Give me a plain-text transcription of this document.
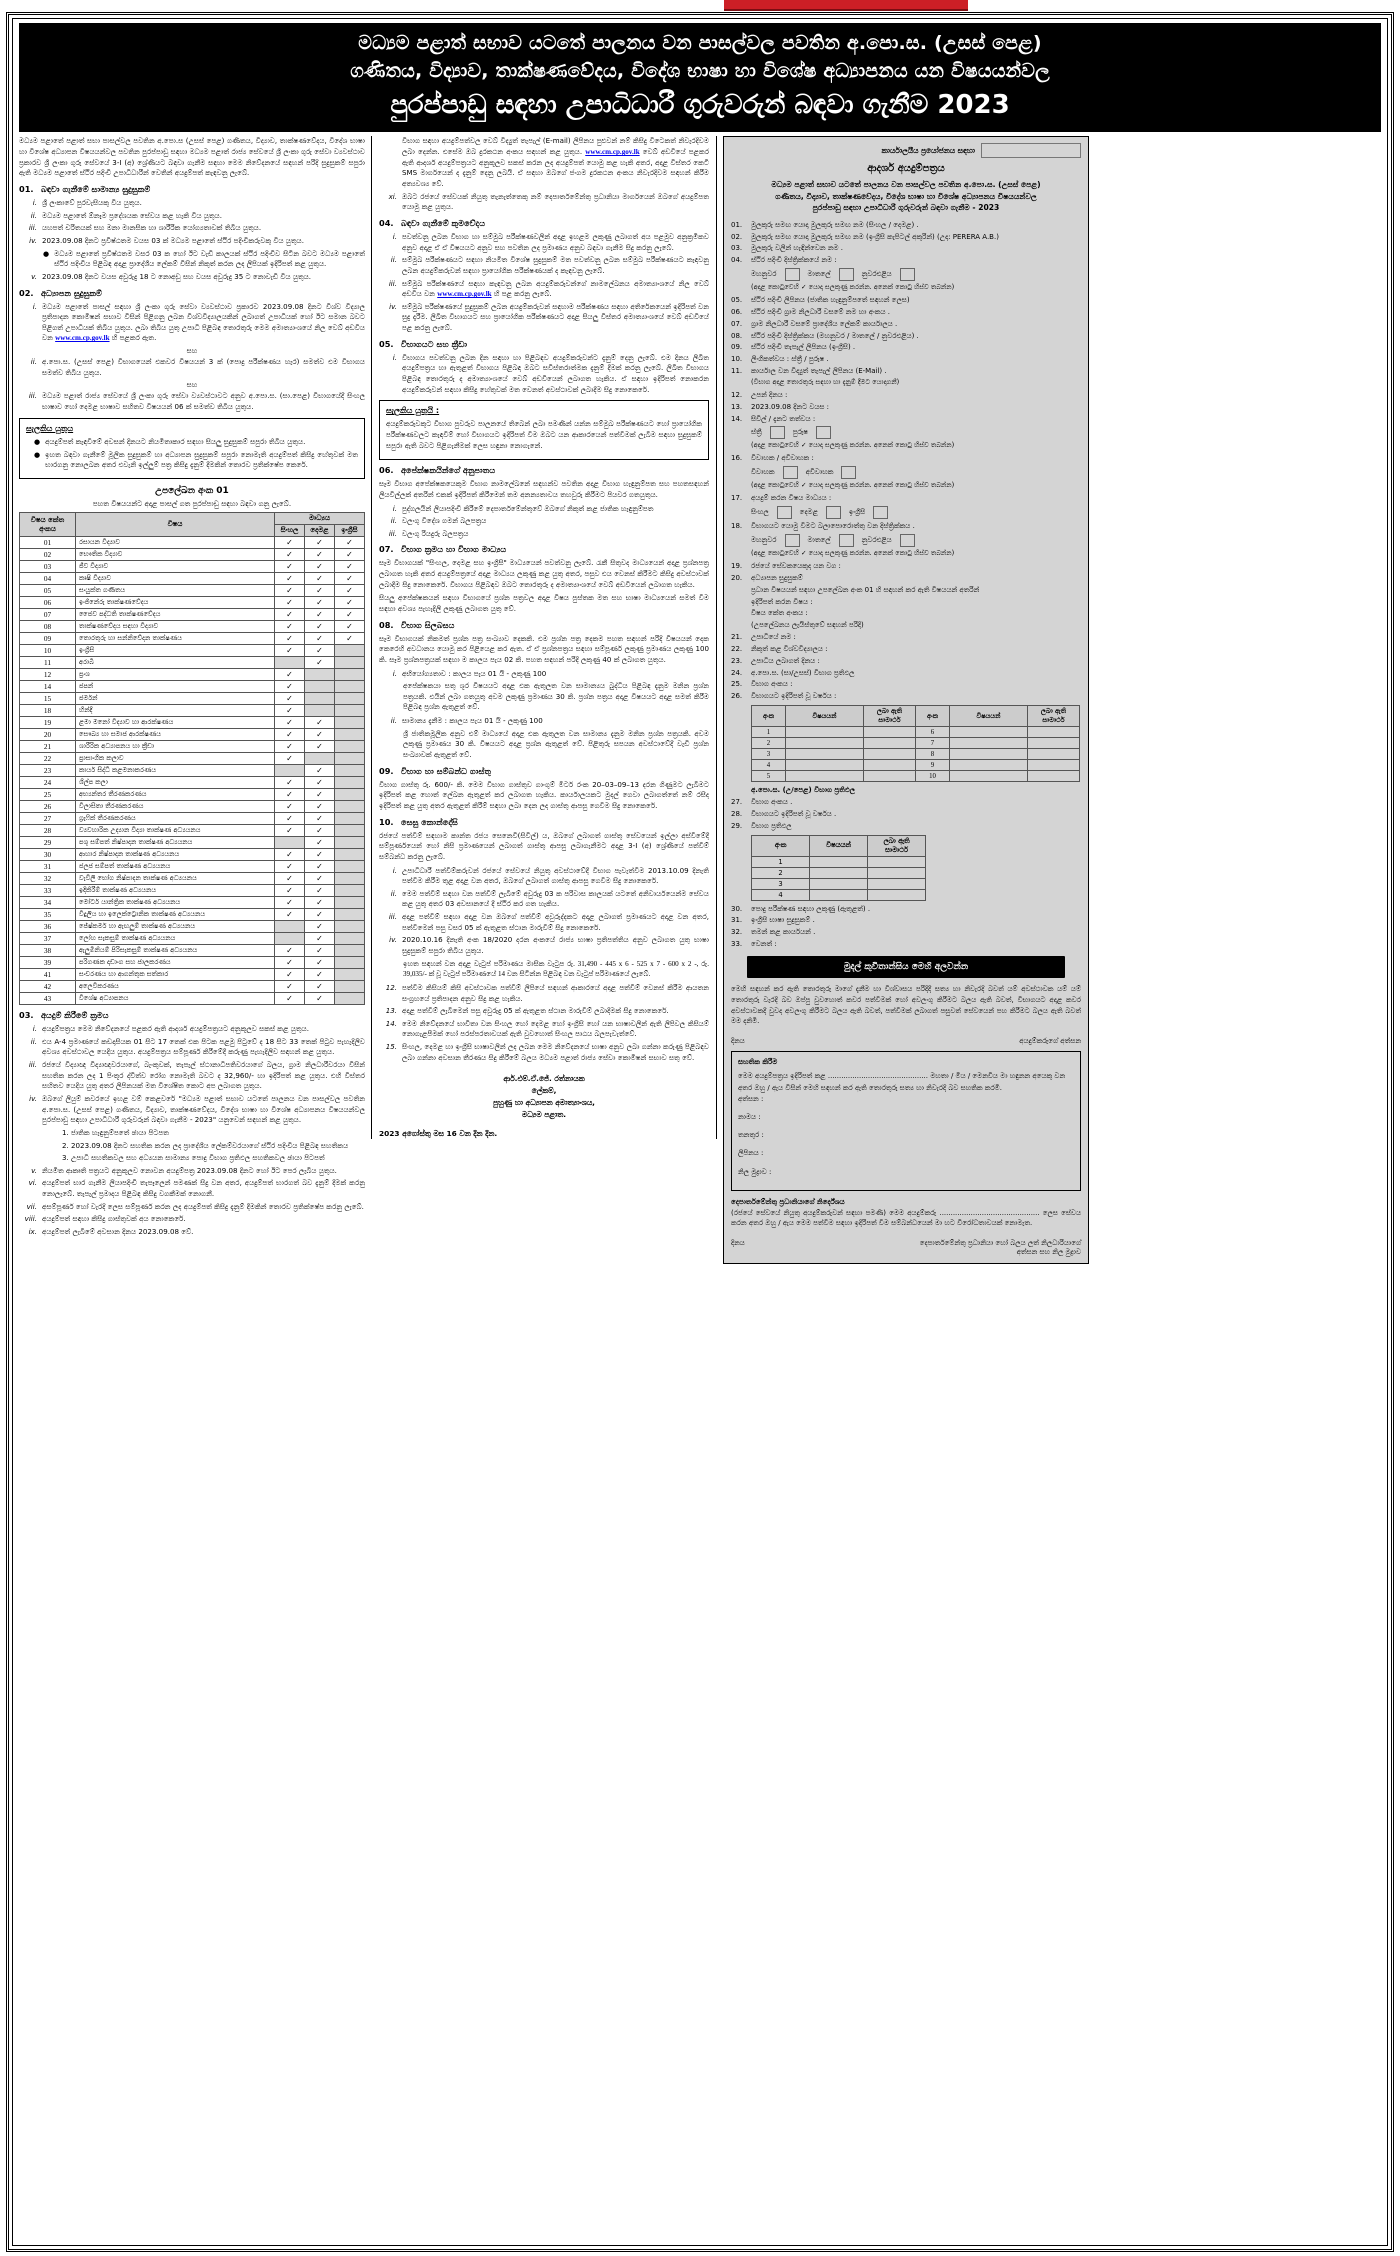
මධ්‍යම පළාත් සභාව යටතේ පාලනය වන පාසල්වල පවතින අ.පො.ස. (උසස් පෙළ)
ගණිතය, විද්‍යාව, තාක්ෂණවේදය, විදේශ භාෂා හා විශේෂ අධ්‍යාපනය යන විෂයයන්වල
පුරප්පාඩු සඳහා උපාධිධාරී ගුරුවරුන් බඳවා ගැනීම 2023
මධ්‍යම පළාතේ පළාත් සභා පාසල්වල පවතින අ.පො.ස (උසස් පෙළ) ගණිතය, විද්‍යාව, තාක්ෂණවේදය, විදේශ භාෂා හා විශේෂ අධ්‍යාපන විෂයයන්වල පවතින පුරප්පාඩු සඳහා මධ්‍යම පළාත් රාජ්‍ය සේවයේ ශ්‍රී ලංකා ගුරු සේවා ව්‍යවස්ථාව ප්‍රකාරව ශ්‍රී ලංකා ගුරු සේවයේ 3-I (අ) ශ්‍රේණියට බඳවා ගැනීම සඳහා මෙම නිවේදනයේ සඳහන් පරිදි සුදුසුකම් සපුරා ඇති මධ්‍යම පළාතේ ස්ථිර පදිංචි උපාධිධාරීන් වෙතින් අයදුම්පත් කැඳවනු ලැබේ.
01. බඳවා ගැනීමේ සාමාන්‍ය සුදුසුකම්
i. ශ්‍රී ලංකාවේ පුරවැසියකු විය යුතුය.
ii. මධ්‍යම පළාතේ ඕනෑම ප්‍රදේශයක සේවය කළ හැකි විය යුතුය.
iii. යහපත් චරිතයක් සහ මනා මානසික හා ශාරීරික යෝග්‍යතාවක් තිබිය යුතුය.
iv. 2023.09.08 දිනට ප්‍රවිෂ්ඨතම වයස 03 ක් මධ්‍යම පළාතේ ස්ථිර පදිංචිකරුවකු විය යුතුය.
● මධ්‍යම පළාතේ ප්‍රවිෂ්ඨතම වසර 03 ක හෝ ඊට වැඩි කාලයක් ස්ථිර පදිංචිව සිටින බවට මධ්‍යම පළාතේ ස්ථිර පදිංචිය පිළිබඳ අදාළ ප්‍රාදේශීය ලේකම් විසින් නිකුත් කරන ලද ලිපියක් ඉදිරිපත් කළ යුතුය.
v. 2023.09.08 දිනට වයස අවුරුදු 18 ට නොඅඩු සහ වයස අවුරුදු 35 ට නොවැඩි විය යුතුය.
02. අධ්‍යාපන සුදුසුකම්
i. මධ්‍යම පළාතේ පාසල් සඳහා ශ්‍රී ලංකා ගුරු සේවා ව්‍යවස්ථාව ප්‍රකාරව 2023.09.08 දිනට විශ්ව විද්‍යාල ප්‍රතිපාදන කොමිෂන් සභාව විසින් පිළිගනු ලබන විශ්වවිද්‍යාලයකින් ලබාගත් උපාධියක් හෝ ඊට සමාන බවට පිළිගත් උපාධියක් තිබිය යුතුය. ලබා තිබිය යුතු උපාධි පිළිබඳ තොරතුරු මෙම අමාත්‍යාංශයේ නිල වෙබ් අඩවිය වන www.cm.cp.gov.lk හි පළකර ඇත.
සහ
ii. අ.පො.ස. (උසස් පෙළ) විභාගයෙන් එකවර විෂයයන් 3 ක් (පොදු පරීක්ෂණය හැර) සමත්ව එම විභාගය සමත්ව තිබිය යුතුය.
සහ
iii. මධ්‍යම පළාත් රාජ්‍ය සේවයේ ශ්‍රී ලංකා ගුරු සේවා ව්‍යවස්ථාවට අනුව අ.පො.ස. (සා.පෙළ) විභාගයේදී සිංහල භාෂාව හෝ දෙමළ භාෂාව සහිතව විෂයයන් 06 ක් සමත්ව තිබිය යුතුය.
සැලකිය යුතුය
● අයදුම්පත් කැඳවීමේ අවසන් දිනයට නියමිතාකාර සඳහා සියලු සුදුසුකම් සපුරා තිබිය යුතුය.
● ඉහත බඳවා ගැනීමේ මූලික සුදුසුකම් හා අධ්‍යාපන සුදුසුකම් සපුරා නොමැති අයදුම්පත් කිසිදු හේතුවක් මත භාරගනු නොලබන අතර එවැනි ඉල්ලුම් පත්‍ර කිසිදු දැනුම් දීමකින් තොරව ප්‍රතික්ෂේප කෙරේ.
උපලේඛන අංක 01
පහත විෂයයන්ට අදාළ පාසල් ගත පුරප්පාඩු සඳහා බඳවා ගනු ලැබේ.
විෂය කේත අංකය	විෂය	මාධ්‍යය		
		සිංහල	දෙමළ	ඉංග්‍රීසි
01	රසායන විද්‍යාව	✓	✓	✓
02	භෞතික විද්‍යාව	✓	✓	✓
03	ජීව විද්‍යාව	✓	✓	✓
04	කෘෂි විද්‍යාව	✓	✓	✓
05	සංයුක්ත ගණිතය	✓	✓	✓
06	ඉංජිනේරු තාක්ෂණවේදය	✓	✓	✓
07	ජෛව පද්ධති තාක්ෂණවේදය	✓	✓	✓
08	තාක්ෂණවේදය සඳහා විද්‍යාව	✓	✓	✓
09	තොරතුරු හා සන්නිවේදන තාක්ෂණය	✓	✓	✓
10	ඉංග්‍රීසි	✓	✓	
11	අරාබි		✓	
12	ප්‍රංශ	✓		
14	ජපන්	✓		
15	ජර්මන්	✓		
18	හින්දි	✓		
19	ළමා මනෝ විද්‍යාව හා ආරක්ෂණය	✓	✓	
20	සෞඛ්‍ය හා සමාජ ආරක්ෂණය	✓	✓	
21	ශාරීරික අධ්‍යාපනය හා ක්‍රීඩා	✓	✓	
22	ප්‍රාසාංගික කලාව	✓		
23	කාර්ය සිද්ධි කළමනාකරණය		✓	
24	ශිල්ප කලා	✓	✓	
25	අභ්‍යන්තර තීරණකරණය	✓	✓	
26	විලාසිතා තීරණකරණය	✓	✓	
27	ග්‍රැෆික් තීරණකරණය	✓	✓	
28	ව්‍යවහාරික උද්‍යාන විද්‍යා තාක්ෂණ අධ්‍යයනය	✓	✓	
29	පශු සම්පත් නිෂ්පාදන තාක්ෂණ අධ්‍යයනය		✓	
30	ආහාර නිෂ්පාදන තාක්ෂණ අධ්‍යයනය	✓	✓	
31	ජලජ සම්පත් තාක්ෂණ අධ්‍යයනය	✓	✓	
32	වැවිලි භෝග නිෂ්පාදන තාක්ෂණ අධ්‍යයනය	✓	✓	
33	ඉදිකිරීම් තාක්ෂණ අධ්‍යයනය	✓	✓	
34	මෝටර් යාන්ත්‍රික තාක්ෂණ අධ්‍යයනය	✓	✓	
35	විදුලිය හා ඉලෙක්ට්‍රොනික තාක්ෂණ අධ්‍යයනය	✓	✓	
36	ජේෂ්කර්ම හා ඇඟලුම් තාක්ෂණ අධ්‍යයනය		✓	
37	ලෝහ සැකසුම් තාක්ෂණ අධ්‍යයනය		✓	
38	ඇලුමිනියම් පිරිසැකසුම් තාක්ෂණ අධ්‍යයනය	✓	✓	
39	පරිගණක දෘඩාංග සහ ජාලකරණය	✓	✓	
41	සංචරණය හා ආගන්තුක සත්කාර	✓	✓	
42	අලෙවිකරණය	✓	✓	
43	විශේෂ අධ්‍යාපනය	✓	✓	
03. අයදුම් කිරීමේ ක්‍රමය
i. අයදුම්පත්‍රය මෙම නිවේදනයේ පළකර ඇති ආදර්ශ අයදුම්පත්‍රයට අනුකූලව සකස් කළ යුතුය.
ii. එය A-4 ප්‍රමාණයේ කඩදාසියක 01 සිට 17 තෙක් එක පිටක පළමු පිටුවේ ද 18 සිට 33 තෙක් පිටුව පැහැදිලිව අවශ්‍ය අවස්ථාවල යෙදිය යුතුය. අයදුම්පත්‍රය සම්පූර්ණ කිරීමේදී කරුණු පැහැදිලිව සඳහන් කළ යුතුය.
iii. රජයේ විද්‍යාඥ විද්‍යාඥවරයාගේ, බැංකුවක්, තැපැල් ස්ථානාධිපතිවරයාගේ බලය, ග්‍රාම නිලධාරීවරයා විසින් සහතික කරන ලද 1 පිංතූර ද්විත්ව රෝග නොමැති බවට ද 32,960/- හා ඉදිරිපත් කළ යුතුය. එහි විස්තර සහිතව යෙදිය යුතු අතර ලිපිනයක් මත විශේෂිත කොට අප ලබාගත යුතුය.
iv. ඔබගේ ලියුම් කවරයේ ඉහළ වම් කෙළවරේ "මධ්‍යම පළාත් සභාව යටතේ පාලනය වන පාසල්වල පවතින අ.පො.ස. (උසස් පෙළ) ගණිතය, විද්‍යාව, තාක්ෂණවේදය, විදේශ භාෂා හා විශේෂ අධ්‍යාපනය විෂයයන්වල පුරප්පාඩු සඳහා උපාධිධාරී ගුරුවරුන් බඳවා ගැනීම - 2023" යනුවෙන් සඳහන් කළ යුතුය.
1. ජාතික හැඳුනුම්පතේ ඡායා පිටපත
2. 2023.09.08 දිනට සහතික කරන ලද ප්‍රාදේශීය ලේකම්වරයාගේ ස්ථිර පදිංචිය පිළිබඳ සහතිකය
3. උපාධි සහතිකවල සහ අධ්‍යයන සාමාන්‍ය පොදු විභාග ප්‍රතිඵල සහතිකවල ඡායා පිටපත්
v. නියමිත ආකෘති පත්‍රයට අනුකූලව නොවන අයදුම්පත්‍ර 2023.09.08 දිනට හෝ ඊට පෙර ලැබිය යුතුය.
vi. අයදුම්පත් භාර ගැනීම ලියාපදිංචි තැපෑලෙන් පමණක් සිදු වන අතර, අයදුම්පත් භාරගත් බව දැනුම් දීමක් කරනු නොලැබේ. තැපැල් ප්‍රමාදය පිළිබඳ කිසිදු වගකීමක් නොගනී.
vii. අසම්පූර්ණ හෝ වැරදි ලෙස සම්පූර්ණ කරන ලද අයදුම්පත් කිසිදු දැනුම් දීමකින් තොරව ප්‍රතික්ෂේප කරනු ලැබේ.
viii. අයදුම්පත් සඳහා කිසිදු ගාස්තුවක් අය නොකෙරේ.
ix. අයදුම්පත් ලැබීමේ අවසාන දිනය 2023.09.08 වේ.
විභාග සඳහා අයදුම්පත්වල වෙබ් විද්‍යුත් තැපැල් (E-mail) ලිපිනය පුළුවන් නම් කිසිදු විටෙකත් නිවැරදිවම ලබා දෙන්න. එසේම ඔබ දුරකථන අංකය සඳහන් කළ යුතුය. www.cm.cp.gov.lk වෙබ් අඩවියේ පළකර ඇති ආදර්ශ අයදුම්පත්‍රයට අනුකූලව සකස් කරන ලද අයදුම්පත් යොමු කළ හැකි අතර, අදාළ විස්තර කෙටි SMS මාර්ගයෙන් ද දැනුම් දෙනු ලබයි. ඒ සඳහා ඔබගේ ජංගම දුරකථන අංකය නිවැරදිවම සඳහන් කිරීම අත්‍යවශ්‍ය වේ.
xi. ඔබට රජයේ සේවයක් නියුතු තැනැත්තෙකු නම් දෙපාර්තමේන්තු ප්‍රධානියා මාර්ගයෙන් ඔබගේ අයදුම්පත යොමු කළ යුතුය.
04. බඳවා ගැනීමේ කුමවේදය
i. පවත්වනු ලබන විභාග හා සම්මුඛ පරීක්ෂණවලින් අදාළ ඉහළම ලකුණු ලබාගත් අය පළමුව අනුක්‍රමිකව අනුව අදාළ ඒ ඒ විෂයයට අනුව සහ පවතින ලද ප්‍රමාණය අනුව බඳවා ගැනීම සිදු කරනු ලැබේ.
ii. සම්මුඛ පරීක්ෂණයට සඳහා නියමිත විශේෂ සුදුසුකම් මත පවත්වනු ලබන සම්මුඛ පරීක්ෂණයට කැඳවනු ලබන අයදුම්කරුවන් සඳහා ප්‍රායෝගික පරීක්ෂණයක් ද කැඳවනු ලැබේ.
iii. සම්මුඛ පරීක්ෂණයේ සඳහා කැඳවනු ලබන අයදුම්කරුවන්ගේ නාමලේඛනය අමාත්‍යාංශයේ නිල වෙබ් අඩවිය වන www.cm.cp.gov.lk හි පළ කරනු ලැබේ.
iv. සම්මුඛ පරීක්ෂණයේ සුදුසුකම් ලබන අයදුම්කරුවන් සඳහාම පරීක්ෂණය සඳහා අතිරේකයෙන් ඉදිරිපත් වන සුදු දැරීම. ලිඛිත විභාගයට සහ ප්‍රායෝගික පරීක්ෂණයට අදාළ සියලු විස්තර අමාත්‍යාංශයේ වෙබ් අඩවියේ පළ කරනු ලැබේ.
05. විභාගයට සහ ක්‍රීඩා
i. විභාගය පවත්වනු ලබන දින සඳහා හා පිළිබඳව අයදුම්කරුවන්ට දැනුම් දෙනු ලැබේ. එම දිනය ලිඛිත අයදුම්පත්‍රය හා ඇතුළත් විභාගය පිළිබඳ ඔබට සවිස්තරාත්මක දැනුම් දීමක් කරනු ලැබේ. ලිඛිත විභාගය පිළිබඳ තොරතුරු ද අමාත්‍යාංශයේ වෙබ් අඩවියෙන් ලබාගත හැකිය. ඒ සඳහා ඉදිරිපත් නොකරන අයදුම්කරුවන් සඳහා කිසිදු හේතුවක් මත වෙනත් අවස්ථාවක් ලබාදීම සිදු නොකෙරේ.
සැලකිය යුතුයි :
අයදුම්කරුවකුට විභාග පුවරුව පාලනයේ තිබෙන් ලබා පමණින් යන්න සම්මුඛ පරීක්ෂණයට හෝ ප්‍රායෝගික පරීක්ෂණවලට කැඳවීම් හෝ විභාගයට ඉදිරිපත් වීම ඔබට යන ආකාරයෙන් පත්වීමක් ලැබීම සඳහා සුදුසුකම් සපුරා ඇති බවට පිළිගැනීමක් ලෙස හඳුනා නොගැනේ.
06. අපේක්ෂකයින්ගේ අනුපාතය
සෑම විභාග අපේක්ෂකයෙකුම විභාග නාමලේඛනේ සඳහන්ව පවතින අදාළ විභාග හැඳුනුම්පත සහ පහතසඳහන් ලියවිල්ලක් අතරින් එකක් ඉදිරිපත් කිරීමෙන් තම අනන්‍යතාවය තහවුරු කිරීමට පියවර ගතයුතුය.
i. පුද්ගලයින් ලියාපදිංචි කිරීමේ දෙපාර්තමේන්තුවේ ඔබගේ නිකුත් කළ ජාතික හැඳුනුම්පත
ii. වලංගු විදේශ ගමන් බලපත්‍රය
iii. වලංගු රියදුරු බලපත්‍රය
07. විභාග ක්‍රමය හා විභාග මාධ්‍යය
සෑම විභාගයක් "සිංහල, දෙමළ සහ ඉංග්‍රීසි" මාධ්‍යයෙන් පවත්වනු ලැබේ. රැකී සිතුවද මාධ්‍යයෙන් අදාළ ප්‍රශ්නපත්‍ර ලබාගත හැකි අතර අයදුම්පත්‍රයේ අදාළ මාධ්‍යය ලකුණු කළ යුතු අතර, පසුව එය වෙනස් කිරීමට කිසිදු අවස්ථාවක් ලබාදීම සිදු නොකෙරේ. විභාගය පිළිබඳව ඔබට තොරතුරු ද අමාත්‍යාංශයේ වෙබ් අඩවියෙන් ලබාගත හැකිය.
සියලු අපේක්ෂකයන් සඳහා විභාගයේ ප්‍රශ්න පත්‍රවල අදාළ විෂය පුස්තක මත සහ භාෂා මාධ්‍යයෙන් සමත් වීම සඳහා අවශ්‍ය පැහැදිලි ලකුණු ලබාගත යුතු වේ.
08. විභාග සිලබසය
සෑම විභාගයක් නිකමත් ප්‍රශ්න පත්‍ර සංඛ්‍යාව දෙකකි. එම ප්‍රශ්න පත්‍ර දෙකම පහත සඳහන් පරිදි විෂයයන් දෙක කෙරෙහි අවධානය යොමු කර පිළියෙළ කර ඇත. ඒ ඒ ප්‍රශ්නපත්‍රය සඳහා සම්පූර්ණ ලකුණු ප්‍රමාණය ලකුණු 100 කි. සෑම ප්‍රශ්නපත්‍රයක් සඳහා ම කාලය පැය 02 කි. පහත සඳහන් පරිදි ලකුණු 40 ක් ලබාගත යුතුය.
i. අභියෝග්‍යතාව : කාලය පැය 01 යි - ලකුණු 100
අපේක්ෂකයා සතු ශූර විෂයයට අදාළ එක ඇතුලත වන සාමාන්‍යය බුද්ධිය පිළිබඳ දැනුම මනින ප්‍රශ්න පත්‍රයකි. එයින් ලබා ගතයුතු අවම ලකුණු ප්‍රමාණය 30 කි. ප්‍රශ්න පත්‍රය අදාළ විෂයයට අදාළ සමත් කිරීම පිළිබඳ ප්‍රශ්න ඇතුළත් වේ.
ii. සාමාන්‍ය දැනීම : කාලය පැය 01 යි - ලකුණු 100
ශ්‍රී ජාතිකමූලික අනුව එම් මාධ්‍යයේ අදාළ එක ඇතුලත වන සාමාන්‍ය දැනුම මනින ප්‍රශ්න පත්‍රයකි. අවම ලකුණු ප්‍රමාණය 30 කි. විෂයයට අදාළ ප්‍රශ්න ඇතුළත් වේ. පිළිතුරු සපයන අවස්ථාවේදී වැඩි ප්‍රශ්න සංඛ්‍යාවක් ඇතුළත් වේ.
09. විභාග හා සම්බන්ධ ගාස්තු
විභාග ගාස්තු රු. 600/- කි. මෙම විභාග ගාස්තුව ගාංගුම් මීටර් රංක 20–03–09–13 දරන ගිණුමට ලැබීමට ඉදිරිපත් කළ හොත් ලේඛන ඇතුළත් කර ලබාගත හැකිය. කාර්යාලයකට මුදල් ගෙවා ලබාගත්තේ නම් රසීද ඉදිරිපත් කළ යුතු අතර ඇතුළත් කිරීම් සඳහා ලබා දෙන ලද ගාස්තු ආපසු ගෙවීම සිදු නොකෙරේ.
10. සෙසු කොන්දේසි
රජයේ පත්වීම් සඳහාම කාන්ත රජය සෙනෙවි(සිවිල්) ය, ඔබගේ ලබාගත් ගාස්තු සේවයෙන් ඉල්ලා අස්වීමේදී සම්පූර්ණයෙන් හෝ නිසි ප්‍රමාණයෙන් ලබාගත් ගාස්තු ආපසු ලබාගැනීමට අදාළ 3-I (අ) ශ්‍රේණියේ පත්වීම් සම්බන්ධ කරනු ලැබේ.
i. උපාධිධාරී පත්වීම්කරුවන් රජයේ සේවයේ නියුතු අවස්ථාවේදී විභාග පැවැත්වීම 2013.10.09 දිනැති පත්වීම කිරීම තුළ අදාළ වන අතර, ඔබගේ ලබාගත් ගාස්තු ආපසු ගෙවීම සිදු නොකෙරේ.
ii. මෙම පත්වීම් සඳහා වන පත්වීම් ලැබීමේ අවුරුදු 03 ක පරිවාස කාලයක් යටතේ අනිවාර්යයෙන්ම සේවය කළ යුතු අතර 03 අවසානයේ දී ස්ථිර කර ගත හැකිය.
iii. අදාළ පත්වීම් සඳහා අදාළ වන ඔබගේ පත්වීම් අවුරුද්දකට අදාළ ලබාගත් ප්‍රමාණයට අදාළ වන අතර, පත්වීමෙන් පසු වසර 05 ක් ඇතුළත ස්ථාන මාරුවීම් සිදු නොකෙරේ.
iv. 2020.10.16 දිනැති අංක 18/2020 දරන අංකයේ රාජ්‍ය භාෂා ප්‍රතිපත්තිය අනුව ලබාගත යුතු භාෂා සුදුසුකම් සපුරා තිබිය යුතුය.
ඉහත සඳහන් වන අදාළ වැටුප් පරිමාණය මාසික වැටුප රු. 31,490 - 445 x 6 - 525 x 7 - 600 x 2 -, රු. 39,035/- ක් වූ වැටුප් පරිමාණයේ 14 වන සිටින්න පිළිබඳ වන වැටුප් පරිමාණයේ ලැබේ.
12. පත්වීම කිසියම් කිසි අවස්ථාවක පත්වීම් ලිපියේ සඳහන් ආකාරයේ අදාළ පත්වීම් වෙනස් කිරීම ආයතන සංග්‍රහයේ ප්‍රතිපාදන අනුව සිදු කළ හැකිය.
13. අදාළ පත්වීම් ලැබීමෙන් පසු අවුරුදු 05 ක් ඇතුළත ස්ථාන මාරුවීම් ලබාදීමක් සිදු නොකෙරේ.
14. මෙම නිවේදනයේ භාවිතා වන සිංහල හෝ දෙමළ හෝ ඉංග්‍රීසි හෝ යන භාෂාවලින් ඇති ලිපිවල කිසියම් නොගැළපීමක් හෝ පරස්පරතාවයක් ඇති වුවහොත් සිංහල පාඨය බලපැවැත්වේ.
15. සිංහල, දෙමළ හා ඉංග්‍රීසි භාෂාවලින් ලද ලබන මෙම නිවේදනයේ භාෂා අනුව ලබා ගන්නා කරුණු පිළිබඳව ලබා ගන්නා අවසාන තීරණය සිදු කිරීමේ බලය මධ්‍යම පළාත් රාජ්‍ය සේවා කොමිෂන් සභාව සතු වේ.
ආර්.එම්.ඒ.ජේ. රත්නායක
ලේකම්,
පුහුණු හා අධ්‍යාපන අමාත්‍යාංශය,
මධ්‍යම පළාත.
2023 අගෝස්තු මස 16 වන දින දින.
කාර්යාලයීය ප්‍රයෝජනය සඳහා
ආදර්ශ අයදුම්පත්‍රය
මධ්‍යම පළාත් සභාව යටතේ පාලනය වන පාසල්වල පවතින අ.පො.ස. (උසස් පෙළ)
ගණිතය, විද්‍යාව, තාක්ෂණවේදය, විදේශ භාෂා හා විශේෂ අධ්‍යාපනය විෂයයන්වල
පුරප්පාඩු සඳහා උපාධිධාරී ගුරුවරුන් බඳවා ගැනීම - 2023
01.	මුලකුරු සමඟ යොදා මුලකුරු සමඟ නම (සිංහල / දෙමළ) .
02.	මුලකුරු සමඟ යොදා මුලකුරු සමඟ නම (ඉංග්‍රීසි කැපිටල් අකුරින්) (උදා: PERERA A.B.)
03.	මුලකුරු වලින් හැඳින්වෙන නම .
04.	ස්ථිර පදිංචි දිස්ත්‍රික්කයේ නම :
මහනුවර	මාතලේ	නුවරඑළිය
(අදාළ කොටුවෙහි ✓ යොදා සලකුණු කරන්න. අනෙක් කොටු හිස්ව තබන්න)
05.	ස්ථිර පදිංචි ලිපිනය (ජාතික හැඳුනුම්පතේ සඳහන් ලෙස)
06.	ස්ථිර පදිංචි ග්‍රාම නිලධාරී වසමේ නම හා අංකය .
07.	ග්‍රාම නිලධාරී වසමේ ප්‍රාදේශීය ලේකම් කාර්යාලය .
08.	ස්ථිර පදිංචි දිස්ත්‍රික්කය (මහනුවර / මාතලේ / නුවරඑළිය) .
09.	ස්ථිර පදිංචි තැපැල් ලිපිනය (ඉංග්‍රීසි) .
10.	ලිංගිකත්වය : ස්ත්‍රී / පුරුෂ .
11.	කාර්යාල වන විද්‍යුත් තැපැල් ලිපිනය (E-Mail) .
(විභාග අදාළ තොරතුරු සඳහා හා දැනුම් දීමට යොදාගනී)
12.	උපන් දිනය :
13.	2023.09.08 දිනට වයස :
14.	සිවිල් / දැනට තත්වය :
ස්ත්‍රී	පුරුෂ
(අදාළ කොටුවෙහි ✓ යොදා සලකුණු කරන්න. අනෙක් කොටු හිස්ව තබන්න)
16.	විවාහක / අවිවාහක :
විවාහක	අවිවාහක
(අදාළ කොටුවෙහි ✓ යොදා සලකුණු කරන්න. අනෙක් කොටු හිස්ව තබන්න)
17.	අයදුම් කරන විෂය මාධ්‍යය :
සිංහල	දෙමළ	ඉංග්‍රීසි
18.	විභාගයට යොමු වීමට බලාපොරොත්තු වන දිස්ත්‍රික්කය .
මහනුවර	මාතලේ	නුවරඑළිය
(අදාළ කොටුවෙහි ✓ යොදා සලකුණු කරන්න. අනෙක් කොටු හිස්ව තබන්න)
19.	රජයේ සේවකයෙකුද යන වග :
20.	අධ්‍යාපන සුදුසුකම්
ප්‍රධාන විෂයයන් සඳහා උපලේඛන අංක 01 හි සඳහන් කර ඇති විෂයයන් අතරින්
ඉදිරිපත් කරන විෂය :
විෂය කේත අංකය :
(උපලේඛනය ලැයිස්තුවේ සඳහන් පරිදි)
21.	උපාධියේ නම :
22.	නිකුත් කළ විශ්වවිද්‍යාලය :
23.	උපාධිය ලබාගත් දිනය :
24.	අ.පො.ස. (සා/උසස්) විභාග ප්‍රතිඵල
25.	විභාග අංකය :
26.	විභාගයට ඉදිරිපත් වූ වර්ෂය :
අංක	විෂයයන්	ලබා ඇති සාමාර්ථ	අංක	විෂයයන්	ලබා ඇති සාමාර්ථ
1			6		
2			7		
3			8		
4			9		
5			10		
අ.පො.ස. (උ/පෙළ) විභාග ප්‍රතිඵල
27.	විභාග අංකය .
28.	විභාගයට ඉදිරිපත් වූ වර්ෂය .
29.	විභාග ප්‍රතිඵල
අංක	විෂයයන්	ලබා ඇති සාමාර්ථ
1		
2		
3		
4		
30.	පොදු පරීක්ෂණ සඳහා ලකුණු (ඇතුළත්) .
31.	ඉංග්‍රීසි භාෂා සුදුසුකම් .
32.	තමන් කළ කාර්යයන් .
33.	වෙනත් :
මුදල් කුවිතාන්සිය මෙහි අලවන්න
මෙහි සඳහන් කර ඇති තොරතුරු මාගේ දැනීම හා විශ්වාසය පරිදිදී සත්‍ය හා නිවැරදි බවත් යම් අවස්ථාවක යම් යම් තොරතුරු වැරදි බව ඔප්පු වුවහොත් කවර පත්වීමක් හෝ අවලංගු කිරීමට බලය ඇති බවත්, විභාගයට අදාළ කවර අවස්ථාවකදී වුවද අවලංගු කිරීමට බලය ඇති බවත්, පත්වීමක් ලබාගත් පසුවත් සේවයෙන් පහ කිරීමට බලය ඇති බවත් මම දනිමි.
දිනය	අයදුම්කරුගේ අත්සන
සහතික කිරීම
මෙම අයදුම්පත්‍රය ඉදිරිපත් කළ ............................................. මහතා / මිය / මෙනවිය මා හඳුනන අයෙකු වන අතර ඔහු / ඇය විසින් මෙහි සඳහන් කර ඇති තොරතුරු සත්‍ය හා නිවැරදි බව සහතික කරමි.
අත්සන :
නාමය :
තනතුර :
ලිපිනය :
නිල මුද්‍රාව :
දෙපාර්තමේන්තු ප්‍රධානියාගේ නිර්දේශය
(රජයේ සේවයේ නියුතු අයදුම්කරුවන් සඳහා පමණි) මෙම අයදුම්කරු ............................................. ලෙස සේවය කරන අතර ඔහු / ඇය මෙම පත්වීම සඳහා ඉදිරිපත් වීම සම්බන්ධයෙන් මා හට විරෝධතාවයක් නොමැත.
දිනය	දෙපාර්තමේන්තු ප්‍රධානියා හෝ බලය ලත් නිලධාරියාගේ අත්සන සහ නිල මුද්‍රාව
